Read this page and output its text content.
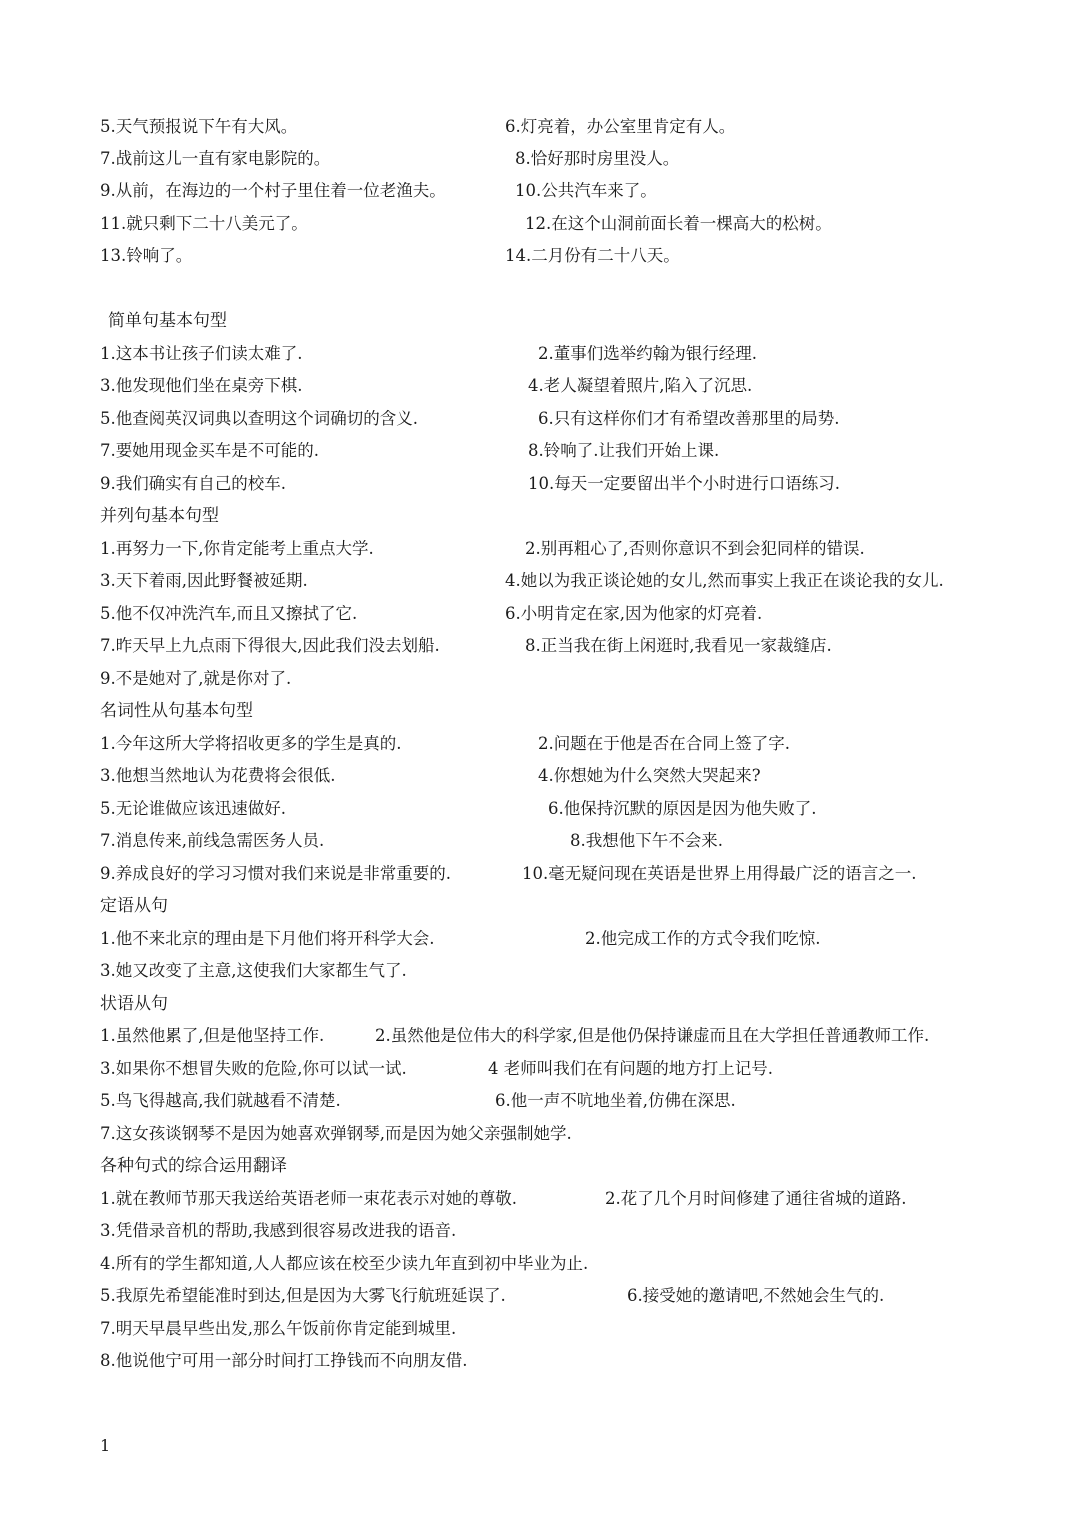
5.天气预报说下午有大风。	6.灯亮着，办公室里肯定有人。
7.战前这儿一直有家电影院的。	8.恰好那时房里没人。
9.从前，在海边的一个村子里住着一位老渔夫。	10.公共汽车来了。
11.就只剩下二十八美元了。	12.在这个山洞前面长着一棵高大的松树。
13.铃响了。	14.二月份有二十八天。
简单句基本句型
1.这本书让孩子们读太难了.	2.董事们选举约翰为银行经理.
3.他发现他们坐在桌旁下棋.	4.老人凝望着照片,陷入了沉思.
5.他查阅英汉词典以查明这个词确切的含义.	6.只有这样你们才有希望改善那里的局势.
7.要她用现金买车是不可能的.	8.铃响了.让我们开始上课.
9.我们确实有自己的校车.	10.每天一定要留出半个小时进行口语练习.
并列句基本句型
1.再努力一下,你肯定能考上重点大学.	2.别再粗心了,否则你意识不到会犯同样的错误.
3.天下着雨,因此野餐被延期.	4.她以为我正谈论她的女儿,然而事实上我正在谈论我的女儿.
5.他不仅冲洗汽车,而且又擦拭了它.	6.小明肯定在家,因为他家的灯亮着.
7.昨天早上九点雨下得很大,因此我们没去划船.	8.正当我在街上闲逛时,我看见一家裁缝店.
9.不是她对了,就是你对了.
名词性从句基本句型
1.今年这所大学将招收更多的学生是真的.	2.问题在于他是否在合同上签了字.
3.他想当然地认为花费将会很低.	4.你想她为什么突然大哭起来?
5.无论谁做应该迅速做好.	6.他保持沉默的原因是因为他失败了.
7.消息传来,前线急需医务人员.	8.我想他下午不会来.
9.养成良好的学习习惯对我们来说是非常重要的.	10.毫无疑问现在英语是世界上用得最广泛的语言之一.
定语从句
1.他不来北京的理由是下月他们将开科学大会.	2.他完成工作的方式令我们吃惊.
3.她又改变了主意,这使我们大家都生气了.
状语从句
1.虽然他累了,但是他坚持工作.	2.虽然他是位伟大的科学家,但是他仍保持谦虚而且在大学担任普通教师工作.
3.如果你不想冒失败的危险,你可以试一试.	4 老师叫我们在有问题的地方打上记号.
5.鸟飞得越高,我们就越看不清楚.	6.他一声不吭地坐着,仿佛在深思.
7.这女孩谈钢琴不是因为她喜欢弹钢琴,而是因为她父亲强制她学.
各种句式的综合运用翻译
1.就在教师节那天我送给英语老师一束花表示对她的尊敬.	2.花了几个月时间修建了通往省城的道路.
3.凭借录音机的帮助,我感到很容易改进我的语音.
4.所有的学生都知道,人人都应该在校至少读九年直到初中毕业为止.
5.我原先希望能准时到达,但是因为大雾飞行航班延误了.	6.接受她的邀请吧,不然她会生气的.
7.明天早晨早些出发,那么午饭前你肯定能到城里.
8.他说他宁可用一部分时间打工挣钱而不向朋友借.
1
